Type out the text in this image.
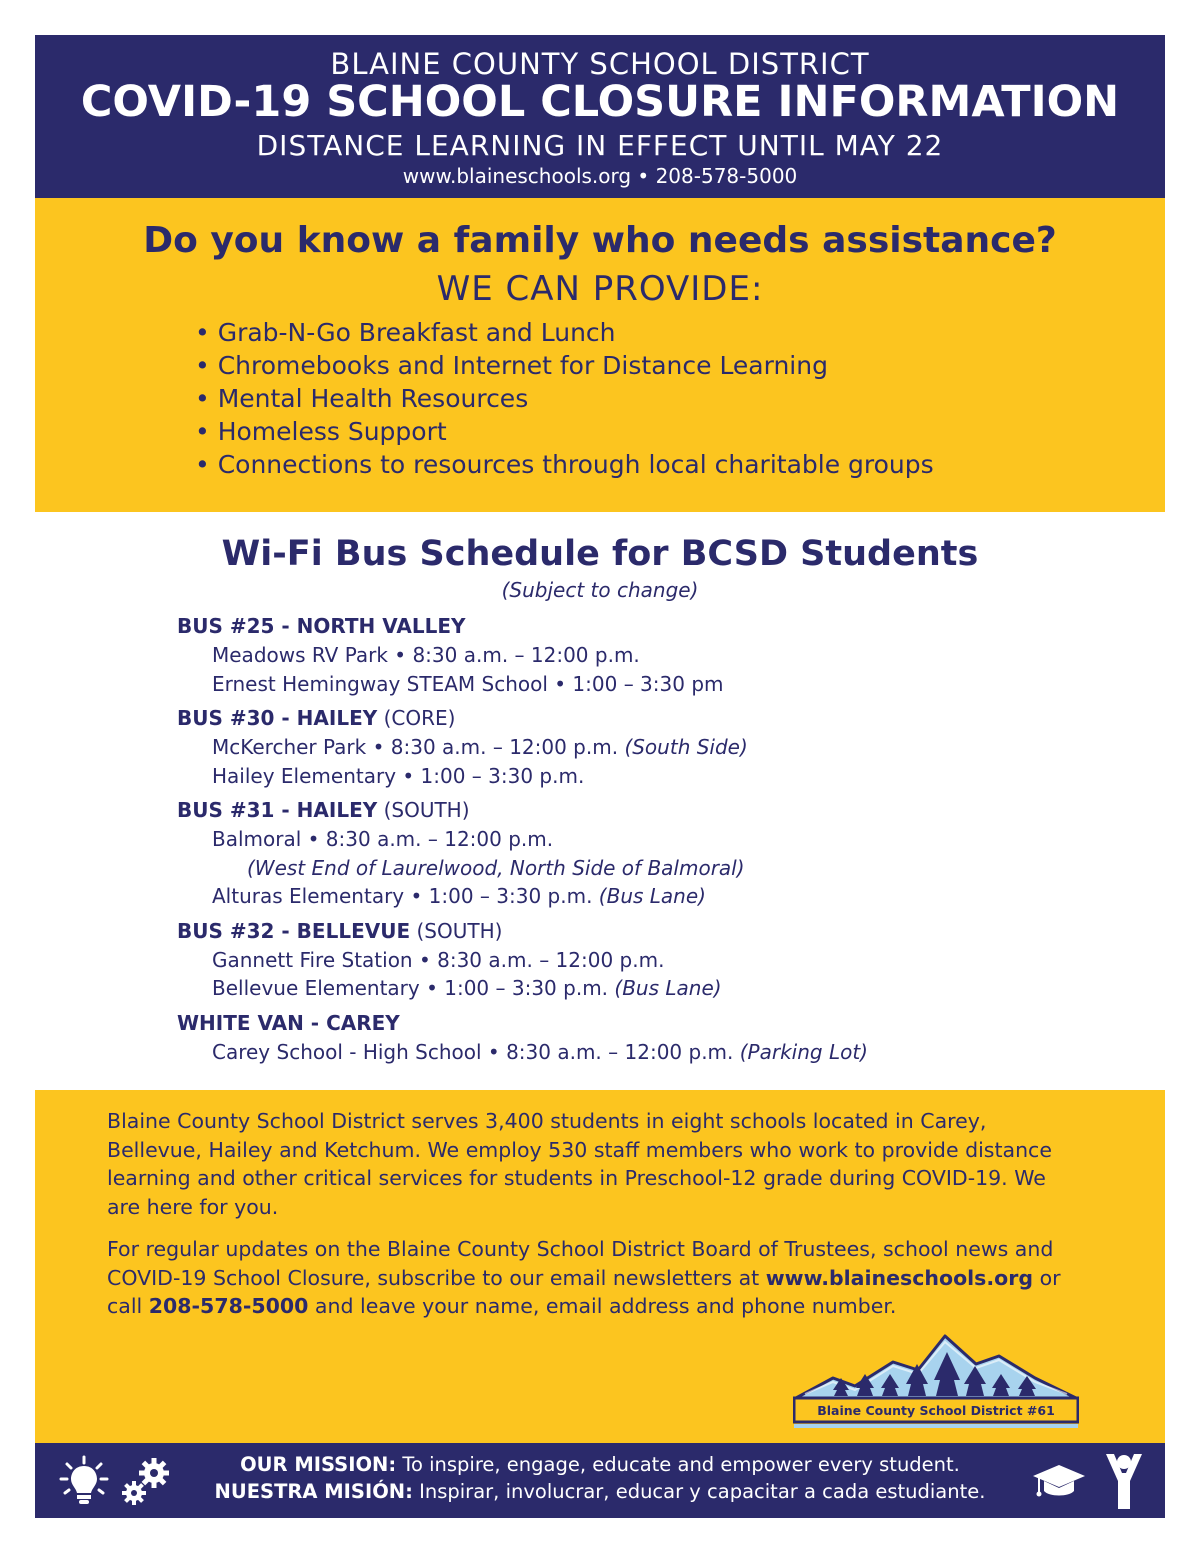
BLAINE COUNTY SCHOOL DISTRICT
COVID-19 SCHOOL CLOSURE INFORMATION
DISTANCE LEARNING IN EFFECT UNTIL MAY 22
www.blaineschools.org • 208-578-5000
Do you know a family who needs assistance?
WE CAN PROVIDE:
• Grab-N-Go Breakfast and Lunch
• Chromebooks and Internet for Distance Learning
• Mental Health Resources
• Homeless Support
• Connections to resources through local charitable groups
Wi-Fi Bus Schedule for BCSD Students
(Subject to change)
BUS #25 - NORTH VALLEY
Meadows RV Park • 8:30 a.m. – 12:00 p.m.
Ernest Hemingway STEAM School • 1:00 – 3:30 pm
BUS #30 - HAILEY (CORE)
McKercher Park • 8:30 a.m. – 12:00 p.m. (South Side)
Hailey Elementary • 1:00 – 3:30 p.m.
BUS #31 - HAILEY (SOUTH)
Balmoral • 8:30 a.m. – 12:00 p.m.
(West End of Laurelwood, North Side of Balmoral)
Alturas Elementary • 1:00 – 3:30 p.m. (Bus Lane)
BUS #32 - BELLEVUE (SOUTH)
Gannett Fire Station • 8:30 a.m. – 12:00 p.m.
Bellevue Elementary • 1:00 – 3:30 p.m. (Bus Lane)
WHITE VAN - CAREY
Carey School - High School • 8:30 a.m. – 12:00 p.m. (Parking Lot)

Blaine County School District serves 3,400 students in eight schools located in Carey, Bellevue, Hailey and Ketchum. We employ 530 staff members who work to provide distance learning and other critical services for students in Preschool-12 grade during COVID-19. We are here for you.

For regular updates on the Blaine County School District Board of Trustees, school news and COVID-19 School Closure, subscribe to our email newsletters at www.blaineschools.org or call 208-578-5000 and leave your name, email address and phone number.

Blaine County School District #61
OUR MISSION: To inspire, engage, educate and empower every student.
NUESTRA MISIÓN: Inspirar, involucrar, educar y capacitar a cada estudiante.
